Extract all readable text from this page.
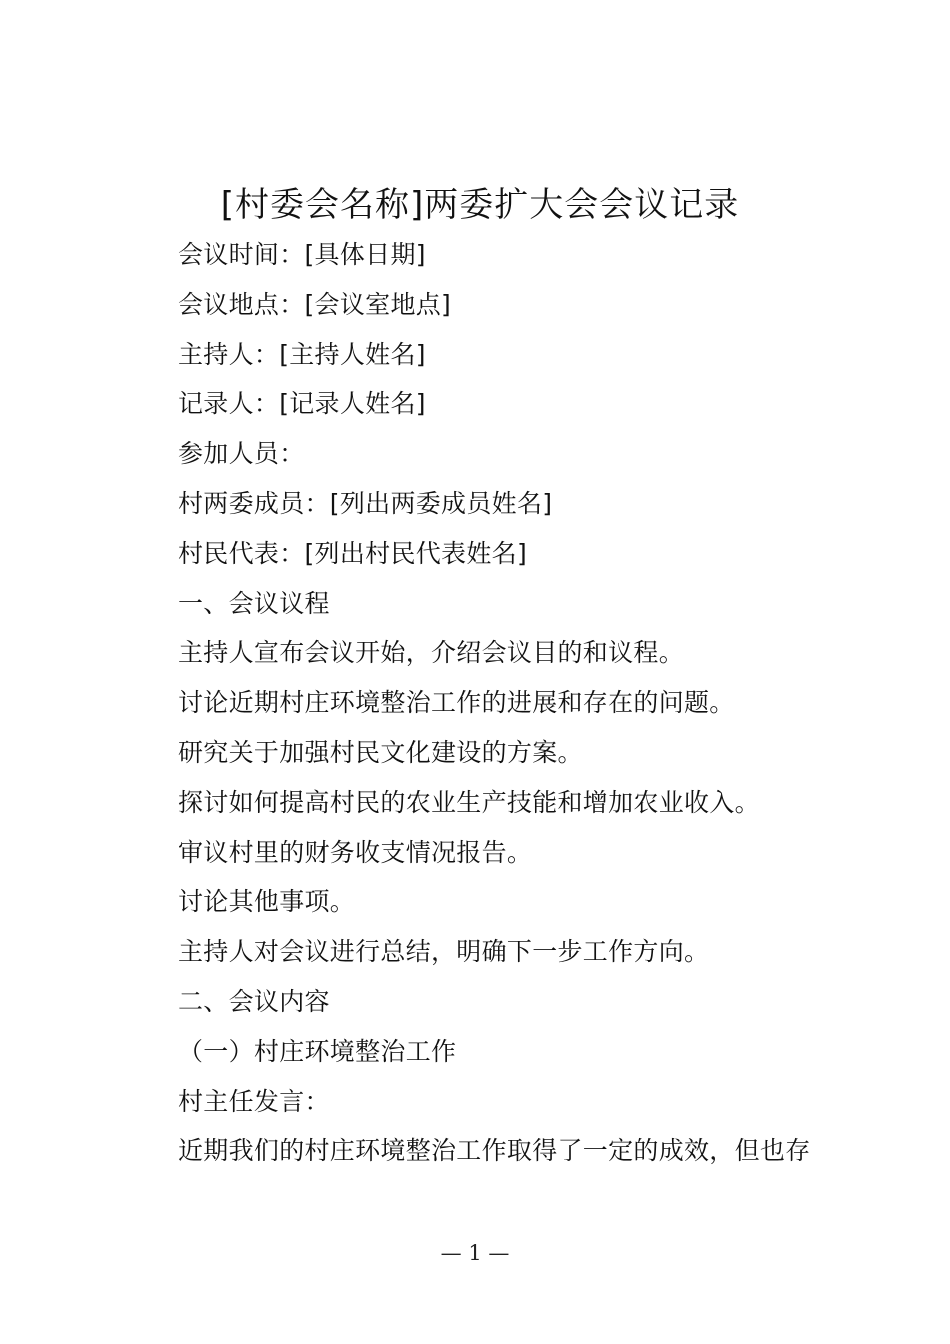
[村委会名称]两委扩大会会议记录
会议时间：[具体日期]
会议地点：[会议室地点]
主持人：[主持人姓名]
记录人：[记录人姓名]
参加人员：
村两委成员：[列出两委成员姓名]
村民代表：[列出村民代表姓名]
一、会议议程
主持人宣布会议开始，介绍会议目的和议程。
讨论近期村庄环境整治工作的进展和存在的问题。
研究关于加强村民文化建设的方案。
探讨如何提高村民的农业生产技能和增加农业收入。
审议村里的财务收支情况报告。
讨论其他事项。
主持人对会议进行总结，明确下一步工作方向。
二、会议内容
（一）村庄环境整治工作
村主任发言：
近期我们的村庄环境整治工作取得了一定的成效，但也存
— 1 —
